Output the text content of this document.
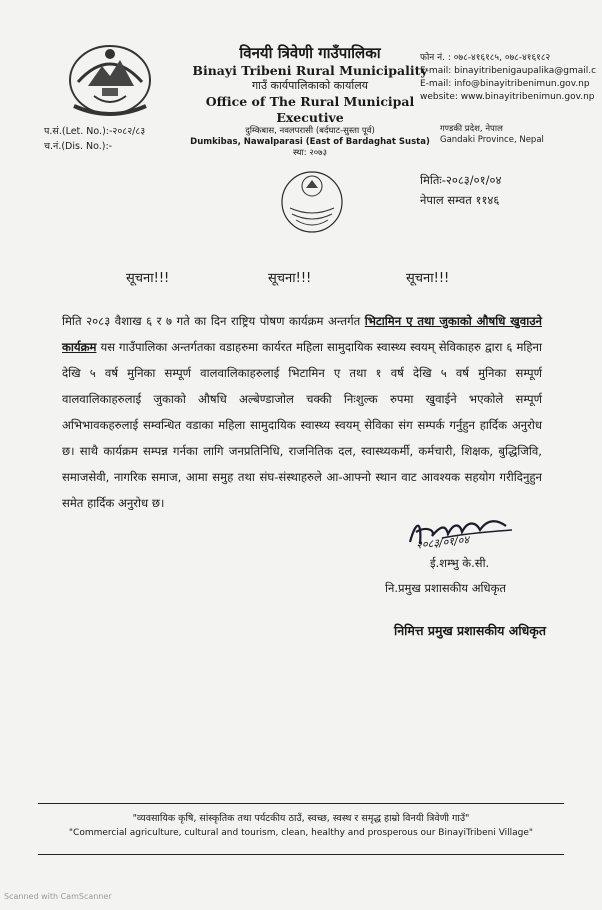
विनयी त्रिवेणी गाउँपालिका
Binayi Tribeni Rural Municipality
गाउँ कार्यपालिकाको कार्यालय
Office of The Rural Municipal Executive
दुम्किबास, नवलपरासी (बर्दघाट-सुस्ता पूर्व)
Dumkibas, Nawalparasi (East of Bardaghat Susta)
स्था: २०७३
फोन नं. : ०७८-४१६१८५, ०७८-४१६१८२
E-mail: binayitribenigaupalika@gmail.c
E-mail: info@binayitribenimun.gov.np
website: www.binayitribenimun.gov.np
गण्डकी प्रदेश, नेपाल
Gandaki Province, Nepal
प.सं.(Let. No.):-२०८२/८३
च.नं.(Dis. No.):-
मितिः-२०८३/०१/०४
नेपाल सम्वत ११४६
सूचना!!!	सूचना!!!	सूचना!!!
मिति २०८३ वैशाख ६ र ७ गते का दिन राष्ट्रिय पोषण कार्यक्रम अन्तर्गत भिटामिन ए तथा जुकाको औषधि खुवाउने कार्यक्रम यस गाउँपालिका अन्तर्गतका वडाहरुमा कार्यरत महिला सामुदायिक स्वास्थ्य स्वयम् सेविकाहरु द्वारा ६ महिना देखि ५ वर्ष मुनिका सम्पूर्ण वालवालिकाहरुलाई भिटामिन ए तथा १ वर्ष देखि ५ वर्ष मुनिका सम्पूर्ण वालवालिकाहरुलाई जुकाको औषधि अल्बेण्डाजोल चक्की निःशुल्क रुपमा खुवाईने भएकोले सम्पूर्ण अभिभावकहरुलाई सम्वन्धित वडाका महिला सामुदायिक स्वास्थ्य स्वयम् सेविका संग सम्पर्क गर्नुहुन हार्दिक अनुरोध छ। साथै कार्यक्रम सम्पन्न गर्नका लागि जनप्रतिनिधि, राजनितिक दल, स्वास्थ्यकर्मी, कर्मचारी, शिक्षक, बुद्धिजिवि, समाजसेवी, नागरिक समाज, आमा समुह तथा संघ-संस्थाहरुले आ-आफ्नो स्थान वाट आवश्यक सहयोग गरीदिनुहुन समेत हार्दिक अनुरोध छ।
२०८३/०१/०४
ई.शम्भु के.सी.
नि.प्रमुख प्रशासकीय अधिकृत
निमित्त प्रमुख प्रशासकीय अधिकृत
"व्यवसायिक कृषि, सांस्कृतिक तथा पर्यटकीय ठाउँ, स्वच्छ, स्वस्थ र समृद्ध हाम्रो विनयी त्रिवेणी गाउँ"
"Commercial agriculture, cultural and tourism, clean, healthy and prosperous our BinayiTribeni Village"
Scanned with CamScanner
